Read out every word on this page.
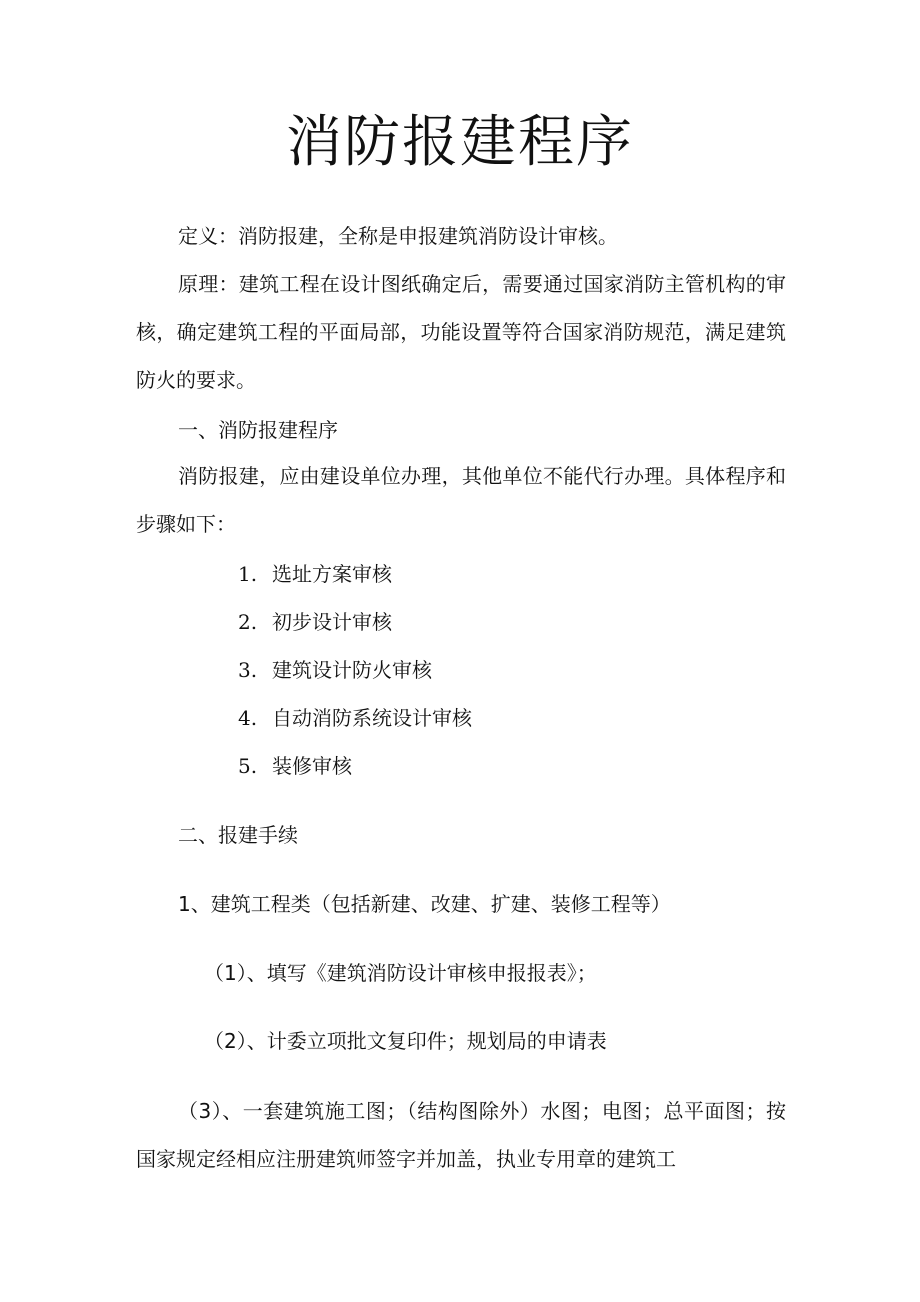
消防报建程序
定义：消防报建，全称是申报建筑消防设计审核。
原理：建筑工程在设计图纸确定后，需要通过国家消防主管机构的审核，确定建筑工程的平面局部，功能设置等符合国家消防规范，满足建筑防火的要求。
一、消防报建程序
消防报建，应由建设单位办理，其他单位不能代行办理。具体程序和步骤如下：
1. 选址方案审核
2. 初步设计审核
3. 建筑设计防火审核
4. 自动消防系统设计审核
5. 装修审核
二、报建手续
1、建筑工程类（包括新建、改建、扩建、装修工程等）
（1）、填写《建筑消防设计审核申报报表》；
（2）、计委立项批文复印件；规划局的申请表
（3）、一套建筑施工图；（结构图除外）水图；电图；总平面图；按国家规定经相应注册建筑师签字并加盖，执业专用章的建筑工
